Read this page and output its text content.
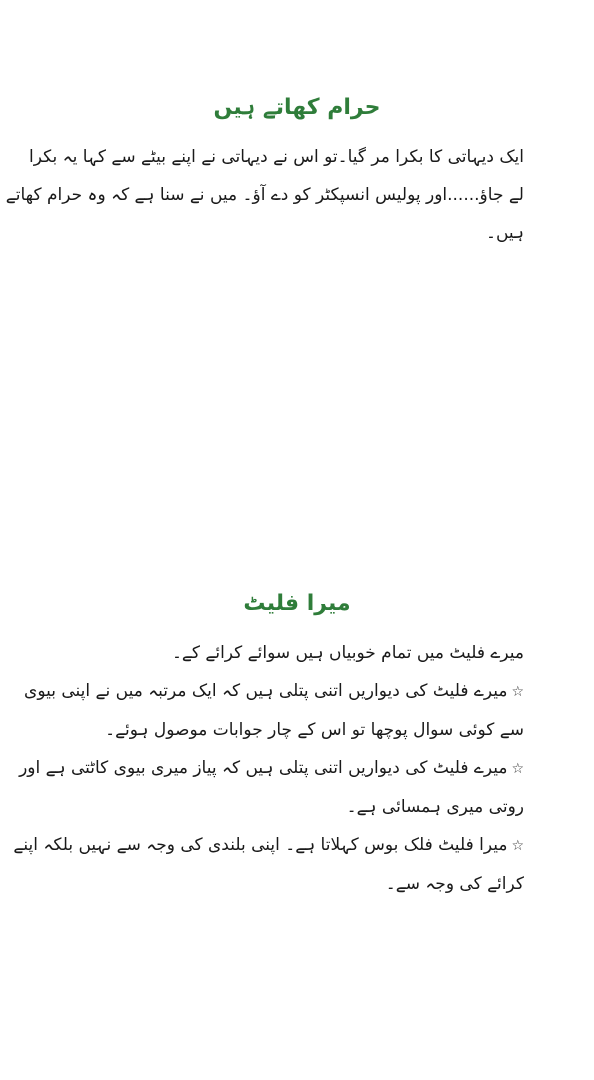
حرام کھاتے ہیں

ایک دیہاتی کا بکرا مر گیا۔تو اس نے دیہاتی نے اپنے بیٹے سے کہا یہ بکرا
لے جاؤ......اور پولیس انسپکٹر کو دے آؤ۔ میں نے سنا ہے کہ وہ حرام کھاتے
ہیں۔

میرا فلیٹ
میرے فلیٹ میں تمام خوبیاں ہیں سوائے کرائے کے۔
☆میرے فلیٹ کی دیواریں اتنی پتلی ہیں کہ ایک مرتبہ میں نے اپنی بیوی
سے کوئی سوال پوچھا تو اس کے چار جوابات موصول ہوئے۔
☆میرے فلیٹ کی دیواریں اتنی پتلی ہیں کہ پیاز میری بیوی کاٹتی ہے اور
روتی میری ہمسائی ہے۔
☆میرا فلیٹ فلک بوس کہلاتا ہے۔ اپنی بلندی کی وجہ سے نہیں بلکہ اپنے
کرائے کی وجہ سے۔
